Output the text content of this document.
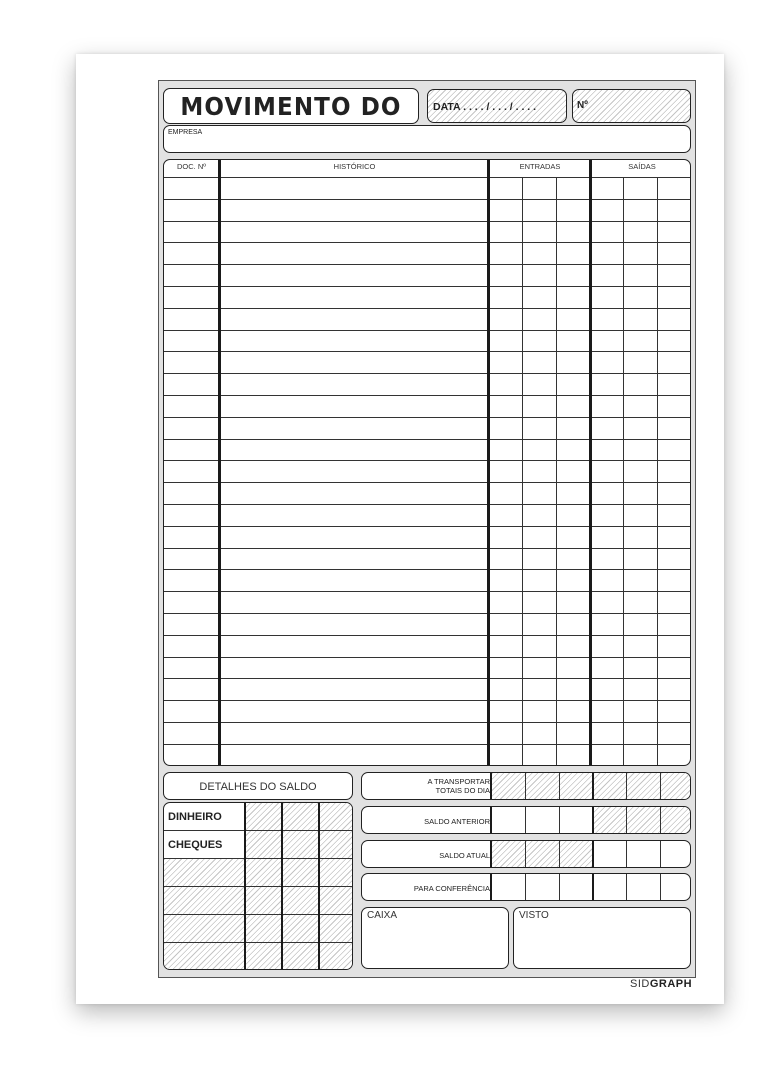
MOVIMENTO DO	DATA . . . . / . . . / . . . .	Nº
EMPRESA
DOC. Nº	HISTÓRICO	ENTRADAS	SAÍDAS
DETALHES DO SALDO
DINHEIRO
CHEQUES
A TRANSPORTAR
TOTAIS DO DIA
SALDO ANTERIOR
SALDO ATUAL
PARA CONFERÊNCIA
CAIXA	VISTO
SIDGRAPH
